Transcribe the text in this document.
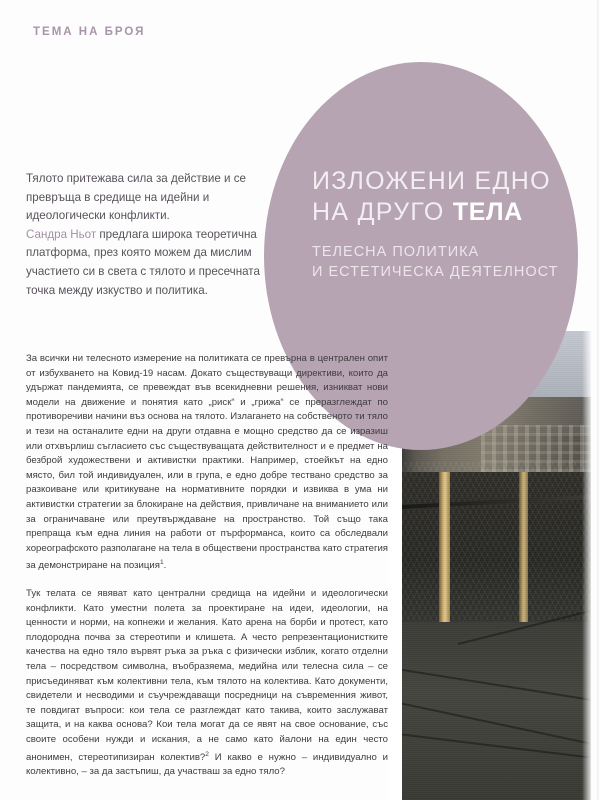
ТЕМА НА БРОЯ
ИЗЛОЖЕНИ ЕДНО
НА ДРУГО ТЕЛА
ТЕЛЕСНА ПОЛИТИКА
И ЕСТЕТИЧЕСКА ДЕЯТЕЛНОСТ
Тялото притежава сила за действие и се превръща в средище на идейни и идеологически конфликти.
Сандра Ньот предлага широка теоретична платформа, през която можем да мислим участието си в света с тялото и пресечната точка между изкуство и политика.

За всички ни телесното измерение на политиката се превърна в централен опит от избухването на Ковид-19 насам. Докато съществуващи директиви, които да удържат пандемията, се превеждат във всекидневни решения, изникват нови модели на движение и понятия като „риск“ и „грижа“ се преразглеждат по противоречиви начини въз основа на тялото. Излагането на собственото ти тяло и тези на останалите едни на други отдавна е мощно средство да се изразиш или отхвърлиш съгласието със съществуващата действителност и е предмет на безброй художествени и активистки практики. Например, стоейкът на едно място, бил той индивидуален, или в група, е едно добре тествано средство за разкоиване или критикуване на нормативните порядки и извиква в ума ни активистки стратегии за блокиране на действия, привличане на вниманието или за ограничаване или преутвърждаване на пространство. Той също така препраща към една линия на работи от пърформанса, които са обследвали хореографското разполагане на тела в обществени пространства като стратегия за демонстриране на позиция$^1$.

Тук телата се явяват като централни средища на идейни и идеологически конфликти. Като уместни полета за проектиране на идеи, идеологии, на ценности и норми, на копнежи и желания. Като арена на борби и протест, като плодородна почва за стереотипи и клишета. А често репрезентационистките качества на едно тяло вървят ръка за ръка с физически изблик, когато отделни тела – посредством символна, въобразяема, медийна или телесна сила – се присъединяват към колективни тела, към тялото на колектива. Като документи, свидетели и несводими и съучреждаващи посредници на съвременния живот, те повдигат въпроси: кои тела се разглеждат като такива, които заслужават защита, и на каква основа? Кои тела могат да се явят на свое основание, със своите особени нужди и искания, а не само като йалони на един често анонимен, стереотипизиран колектив?$^2$ И какво е нужно – индивидуално и колективно, – за да застъпиш, да участваш за едно тяло?
